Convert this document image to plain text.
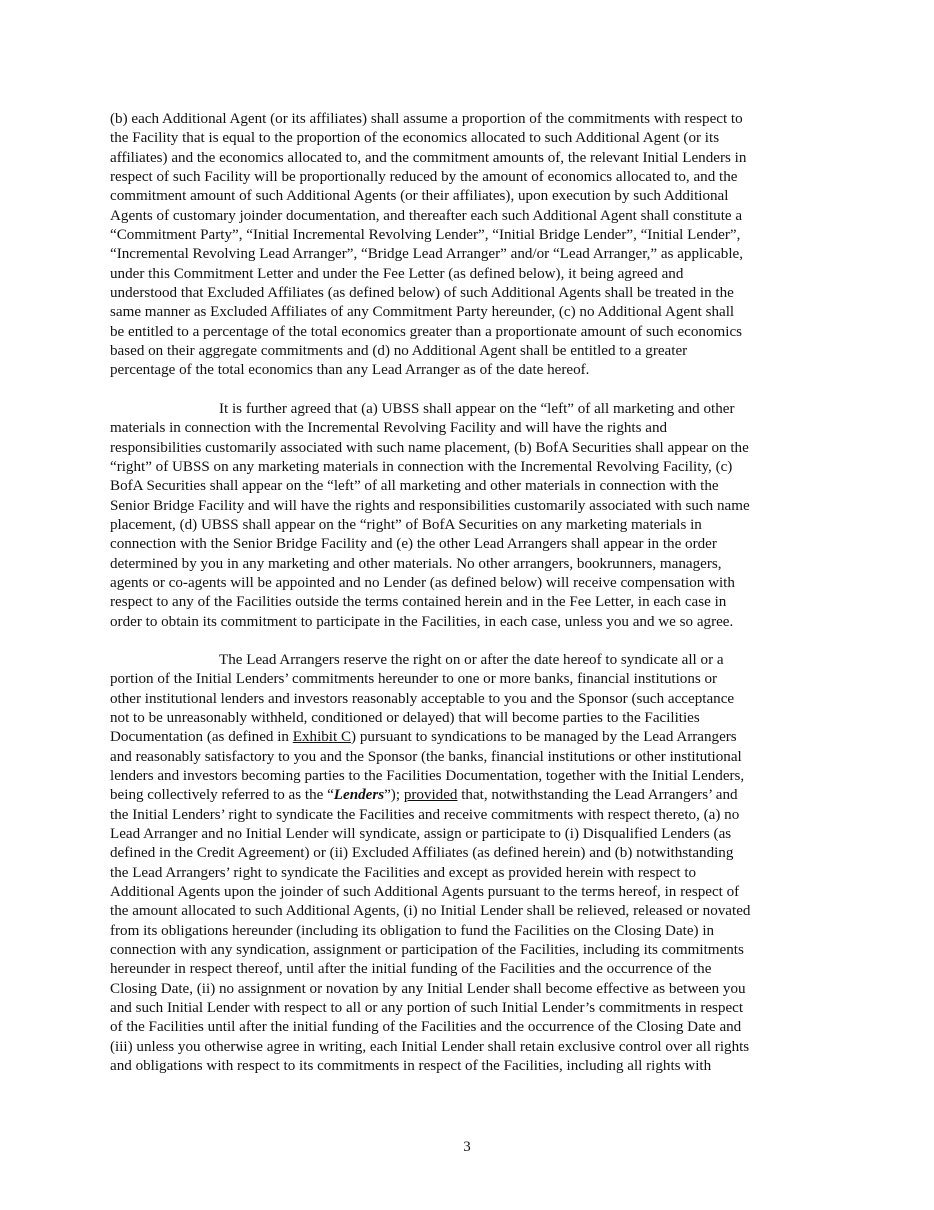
(b) each Additional Agent (or its affiliates) shall assume a proportion of the commitments with respect to
the Facility that is equal to the proportion of the economics allocated to such Additional Agent (or its
affiliates) and the economics allocated to, and the commitment amounts of, the relevant Initial Lenders in
respect of such Facility will be proportionally reduced by the amount of economics allocated to, and the
commitment amount of such Additional Agents (or their affiliates), upon execution by such Additional
Agents of customary joinder documentation, and thereafter each such Additional Agent shall constitute a
“Commitment Party”, “Initial Incremental Revolving Lender”, “Initial Bridge Lender”, “Initial Lender”,
“Incremental Revolving Lead Arranger”, “Bridge Lead Arranger” and/or “Lead Arranger,” as applicable,
under this Commitment Letter and under the Fee Letter (as defined below), it being agreed and
understood that Excluded Affiliates (as defined below) of such Additional Agents shall be treated in the
same manner as Excluded Affiliates of any Commitment Party hereunder, (c) no Additional Agent shall
be entitled to a percentage of the total economics greater than a proportionate amount of such economics
based on their aggregate commitments and (d) no Additional Agent shall be entitled to a greater
percentage of the total economics than any Lead Arranger as of the date hereof.

It is further agreed that (a) UBSS shall appear on the “left” of all marketing and other
materials in connection with the Incremental Revolving Facility and will have the rights and
responsibilities customarily associated with such name placement, (b) BofA Securities shall appear on the
“right” of UBSS on any marketing materials in connection with the Incremental Revolving Facility, (c)
BofA Securities shall appear on the “left” of all marketing and other materials in connection with the
Senior Bridge Facility and will have the rights and responsibilities customarily associated with such name
placement, (d) UBSS shall appear on the “right” of BofA Securities on any marketing materials in
connection with the Senior Bridge Facility and (e) the other Lead Arrangers shall appear in the order
determined by you in any marketing and other materials. No other arrangers, bookrunners, managers,
agents or co-agents will be appointed and no Lender (as defined below) will receive compensation with
respect to any of the Facilities outside the terms contained herein and in the Fee Letter, in each case in
order to obtain its commitment to participate in the Facilities, in each case, unless you and we so agree.

The Lead Arrangers reserve the right on or after the date hereof to syndicate all or a
portion of the Initial Lenders’ commitments hereunder to one or more banks, financial institutions or
other institutional lenders and investors reasonably acceptable to you and the Sponsor (such acceptance
not to be unreasonably withheld, conditioned or delayed) that will become parties to the Facilities
Documentation (as defined in Exhibit C) pursuant to syndications to be managed by the Lead Arrangers
and reasonably satisfactory to you and the Sponsor (the banks, financial institutions or other institutional
lenders and investors becoming parties to the Facilities Documentation, together with the Initial Lenders,
being collectively referred to as the “Lenders”); provided that, notwithstanding the Lead Arrangers’ and
the Initial Lenders’ right to syndicate the Facilities and receive commitments with respect thereto, (a) no
Lead Arranger and no Initial Lender will syndicate, assign or participate to (i) Disqualified Lenders (as
defined in the Credit Agreement) or (ii) Excluded Affiliates (as defined herein) and (b) notwithstanding
the Lead Arrangers’ right to syndicate the Facilities and except as provided herein with respect to
Additional Agents upon the joinder of such Additional Agents pursuant to the terms hereof, in respect of
the amount allocated to such Additional Agents, (i) no Initial Lender shall be relieved, released or novated
from its obligations hereunder (including its obligation to fund the Facilities on the Closing Date) in
connection with any syndication, assignment or participation of the Facilities, including its commitments
hereunder in respect thereof, until after the initial funding of the Facilities and the occurrence of the
Closing Date, (ii) no assignment or novation by any Initial Lender shall become effective as between you
and such Initial Lender with respect to all or any portion of such Initial Lender’s commitments in respect
of the Facilities until after the initial funding of the Facilities and the occurrence of the Closing Date and
(iii) unless you otherwise agree in writing, each Initial Lender shall retain exclusive control over all rights
and obligations with respect to its commitments in respect of the Facilities, including all rights with

3
